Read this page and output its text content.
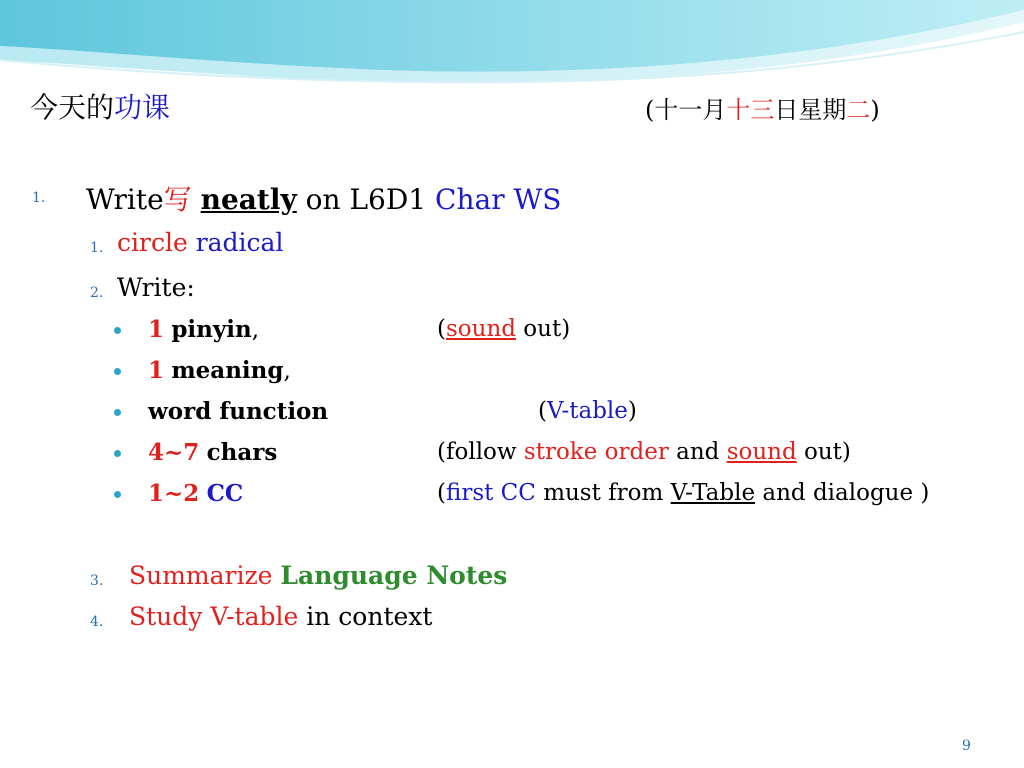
今天的功课	(十一月十三日星期二)
1. Write写 neatly on L6D1 Char WS
1. circle radical
2. Write:
1 pinyin,	(sound out)
1 meaning,
word function	(V-table)
4~7 chars	(follow stroke order and sound out)
1~2 CC	(first CC must from V-Table and dialogue )
3. Summarize Language Notes
4. Study V-table in context
9
